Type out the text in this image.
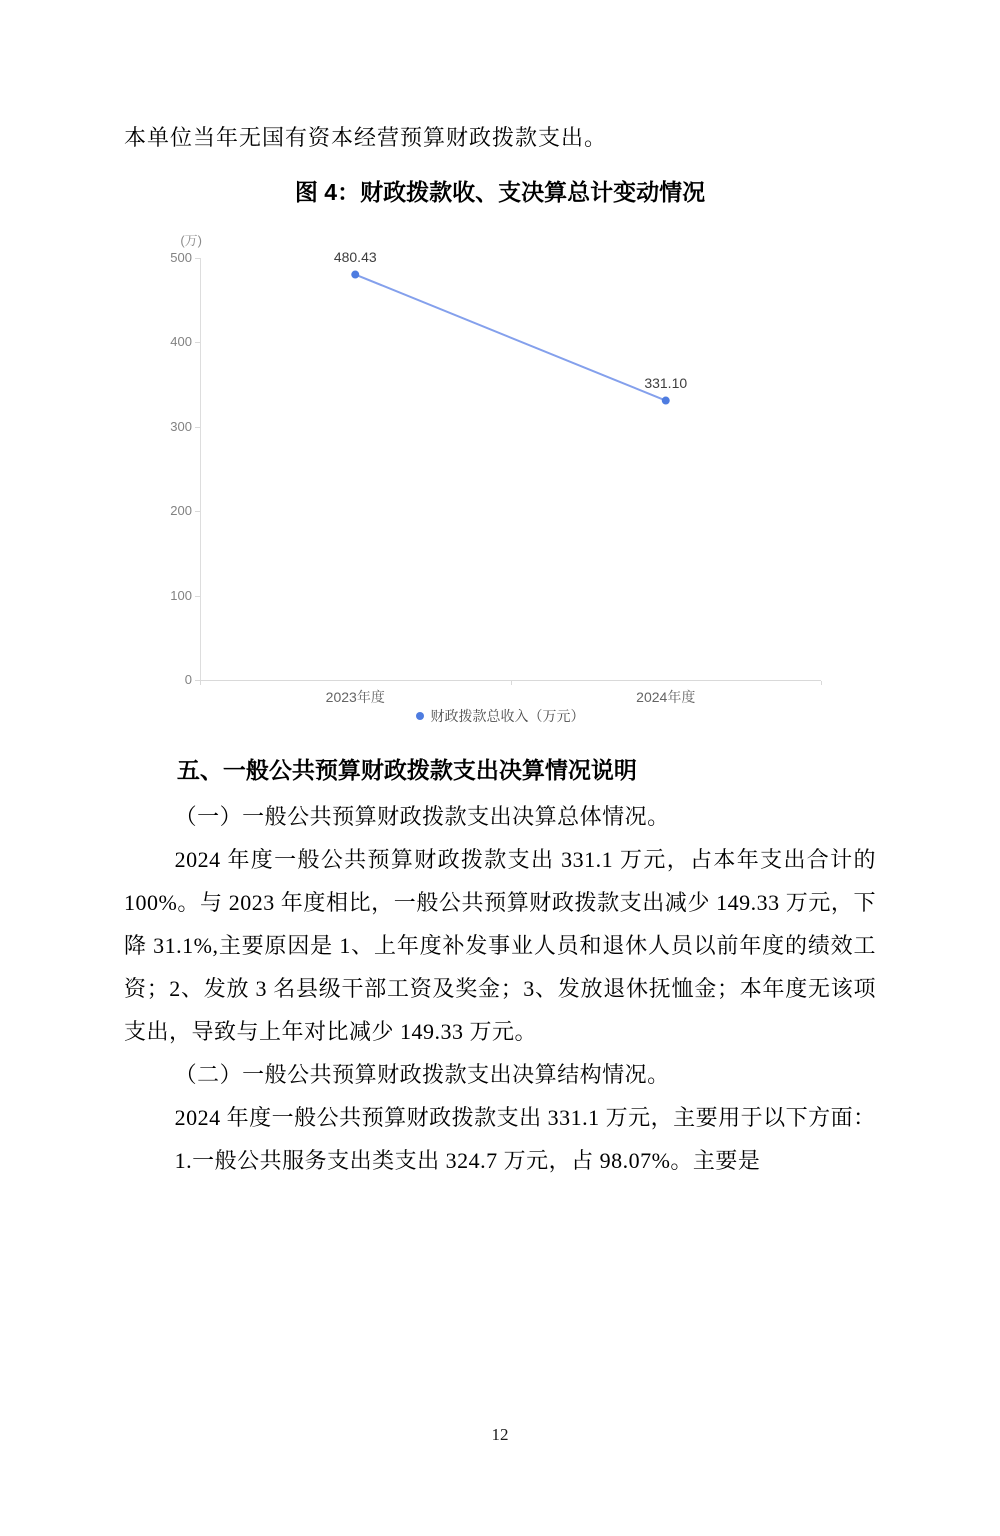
本单位当年无国有资本经营预算财政拨款支出。
图 4：财政拨款收、支决算总计变动情况
(万)
0
100
200
300
400
500
2023年度	2024年度
480.43
331.10
财政拨款总收入（万元）
五、一般公共预算财政拨款支出决算情况说明
（一）一般公共预算财政拨款支出决算总体情况。
2024 年度一般公共预算财政拨款支出 331.1 万元，占本年支出合计的 100%。与 2023 年度相比，一般公共预算财政拨款支出减少 149.33 万元，下降 31.1%,主要原因是 1、上年度补发事业人员和退休人员以前年度的绩效工资；2、发放 3 名县级干部工资及奖金；3、发放退休抚恤金；本年度无该项支出，导致与上年对比减少 149.33 万元。
（二）一般公共预算财政拨款支出决算结构情况。
2024 年度一般公共预算财政拨款支出 331.1 万元，主要用于以下方面：
1.一般公共服务支出类支出 324.7 万元，占 98.07%。主要是
12
